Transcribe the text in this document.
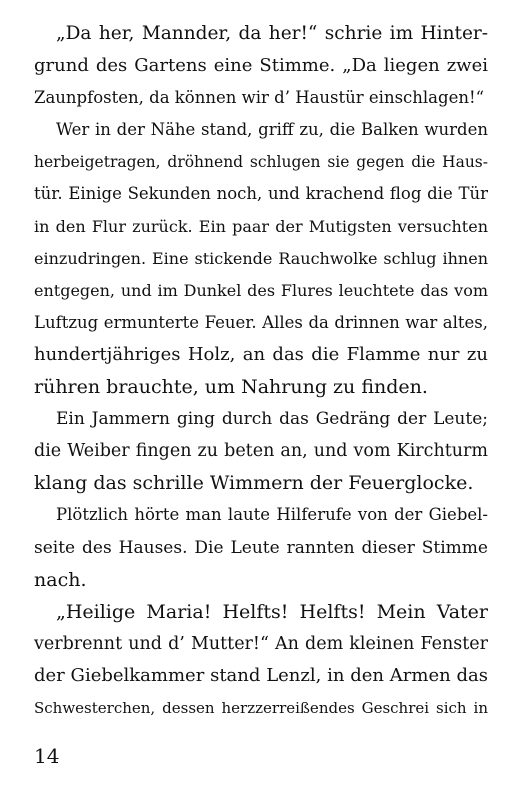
„Da her, Mannder, da her!“ schrie im Hinter-
grund des Gartens eine Stimme. „Da liegen zwei
Zaunpfosten, da können wir d’ Haustür einschlagen!“
Wer in der Nähe stand, griff zu, die Balken wurden
herbeigetragen, dröhnend schlugen sie gegen die Haus-
tür. Einige Sekunden noch, und krachend flog die Tür
in den Flur zurück. Ein paar der Mutigsten versuchten
einzudringen. Eine stickende Rauchwolke schlug ihnen
entgegen, und im Dunkel des Flures leuchtete das vom
Luftzug ermunterte Feuer. Alles da drinnen war altes,
hundertjähriges Holz, an das die Flamme nur zu
rühren brauchte, um Nahrung zu finden.
Ein Jammern ging durch das Gedräng der Leute;
die Weiber fingen zu beten an, und vom Kirchturm
klang das schrille Wimmern der Feuerglocke.
Plötzlich hörte man laute Hilferufe von der Giebel-
seite des Hauses. Die Leute rannten dieser Stimme
nach.
„Heilige Maria! Helfts! Helfts! Mein Vater
verbrennt und d’ Mutter!“ An dem kleinen Fenster
der Giebelkammer stand Lenzl, in den Armen das
Schwesterchen, dessen herzzerreißendes Geschrei sich in
14
